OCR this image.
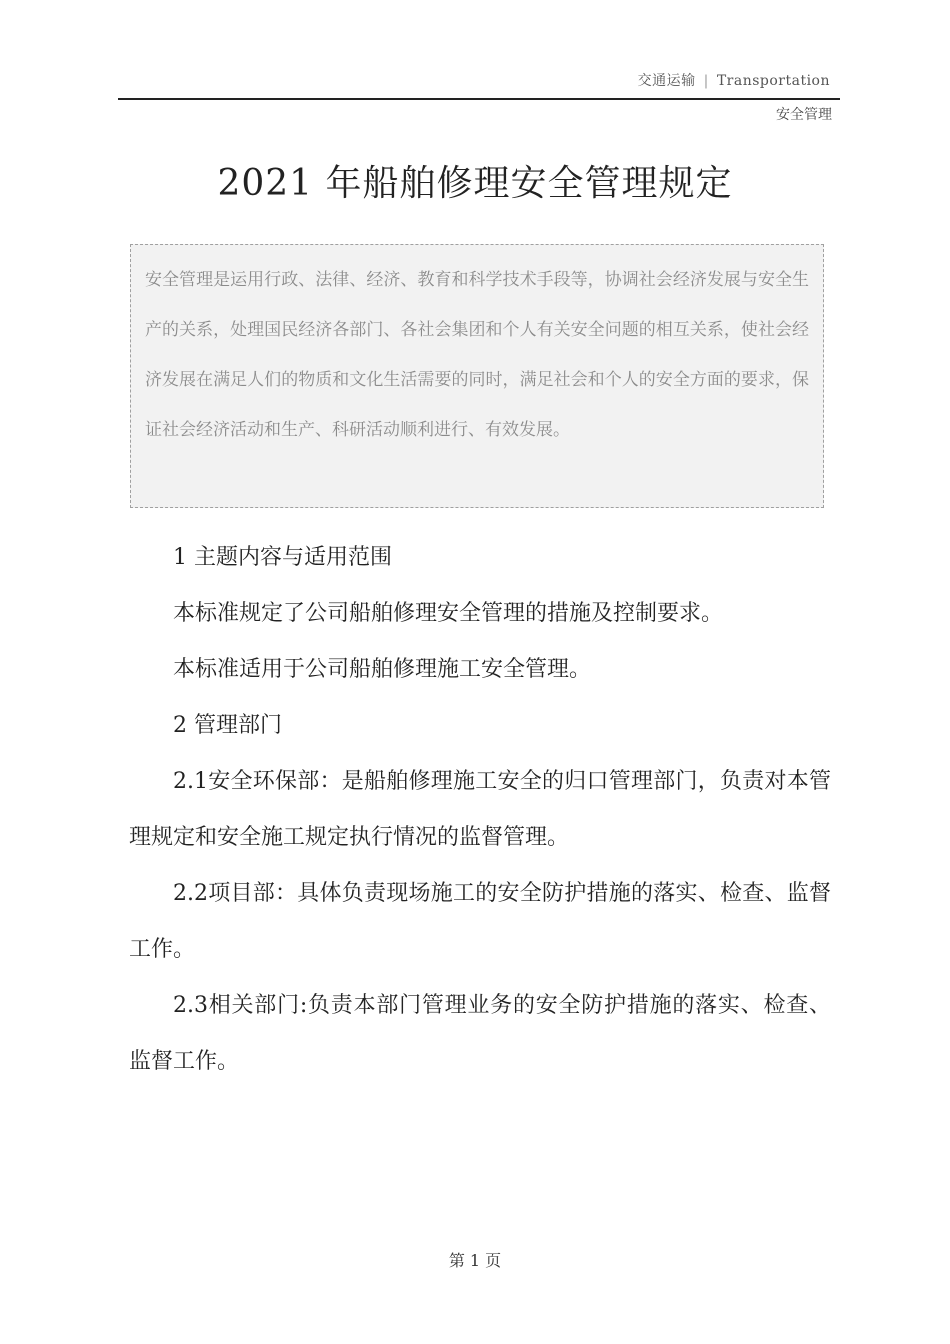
交通运输 | Transportation
安全管理
2021 年船舶修理安全管理规定
安全管理是运用行政、法律、经济、教育和科学技术手段等，协调社会经济发展与安全生产的关系，处理国民经济各部门、各社会集团和个人有关安全问题的相互关系，使社会经济发展在满足人们的物质和文化生活需要的同时，满足社会和个人的安全方面的要求，保证社会经济活动和生产、科研活动顺利进行、有效发展。

1 主题内容与适用范围

本标准规定了公司船舶修理安全管理的措施及控制要求。

本标准适用于公司船舶修理施工安全管理。

2 管理部门

2.1安全环保部：是船舶修理施工安全的归口管理部门，负责对本管理规定和安全施工规定执行情况的监督管理。

2.2项目部：具体负责现场施工的安全防护措施的落实、检查、监督工作。

2.3相关部门:负责本部门管理业务的安全防护措施的落实、检查、监督工作。

第 1 页
